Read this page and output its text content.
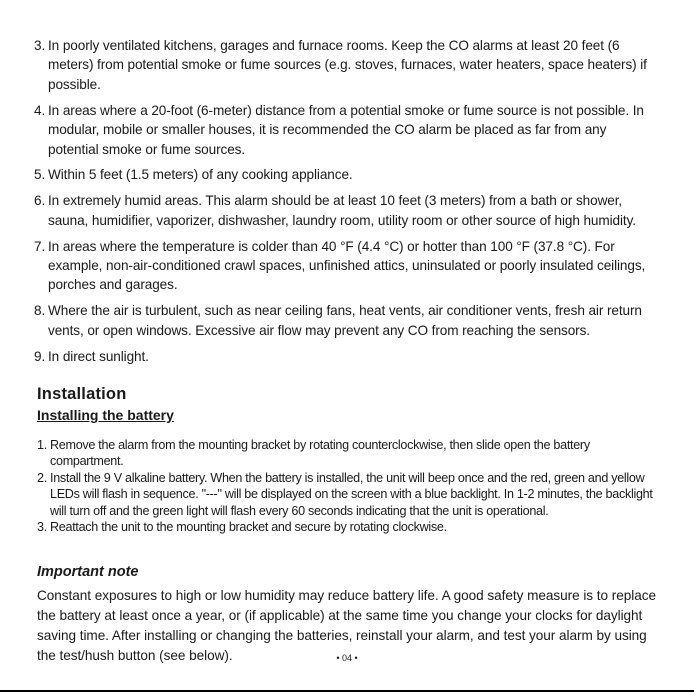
3. In poorly ventilated kitchens, garages and furnace rooms. Keep the CO alarms at least 20 feet (6 meters) from potential smoke or fume sources (e.g. stoves, furnaces, water heaters, space heaters) if possible.
4. In areas where a 20-foot (6-meter) distance from a potential smoke or fume source is not possible. In modular, mobile or smaller houses, it is recommended the CO alarm be placed as far from any potential smoke or fume sources.
5. Within 5 feet (1.5 meters) of any cooking appliance.
6. In extremely humid areas. This alarm should be at least 10 feet (3 meters) from a bath or shower, sauna, humidifier, vaporizer, dishwasher, laundry room, utility room or other source of high humidity.
7. In areas where the temperature is colder than 40 °F (4.4 °C) or hotter than 100 °F (37.8 °C). For example, non-air-conditioned crawl spaces, unfinished attics, uninsulated or poorly insulated ceilings, porches and garages.
8. Where the air is turbulent, such as near ceiling fans, heat vents, air conditioner vents, fresh air return vents, or open windows. Excessive air flow may prevent any CO from reaching the sensors.
9. In direct sunlight.
Installation
Installing the battery
1. Remove the alarm from the mounting bracket by rotating counterclockwise, then slide open the battery compartment.
2. Install the 9 V alkaline battery. When the battery is installed, the unit will beep once and the red, green and yellow LEDs will flash in sequence. "---" will be displayed on the screen with a blue backlight. In 1-2 minutes, the backlight will turn off and the green light will flash every 60 seconds indicating that the unit is operational.
3. Reattach the unit to the mounting bracket and secure by rotating clockwise.
Important note

Constant exposures to high or low humidity may reduce battery life. A good safety measure is to replace the battery at least once a year, or (if applicable) at the same time you change your clocks for daylight saving time. After installing or changing the batteries, reinstall your alarm, and test your alarm by using the test/hush button (see below).	• 04 •
